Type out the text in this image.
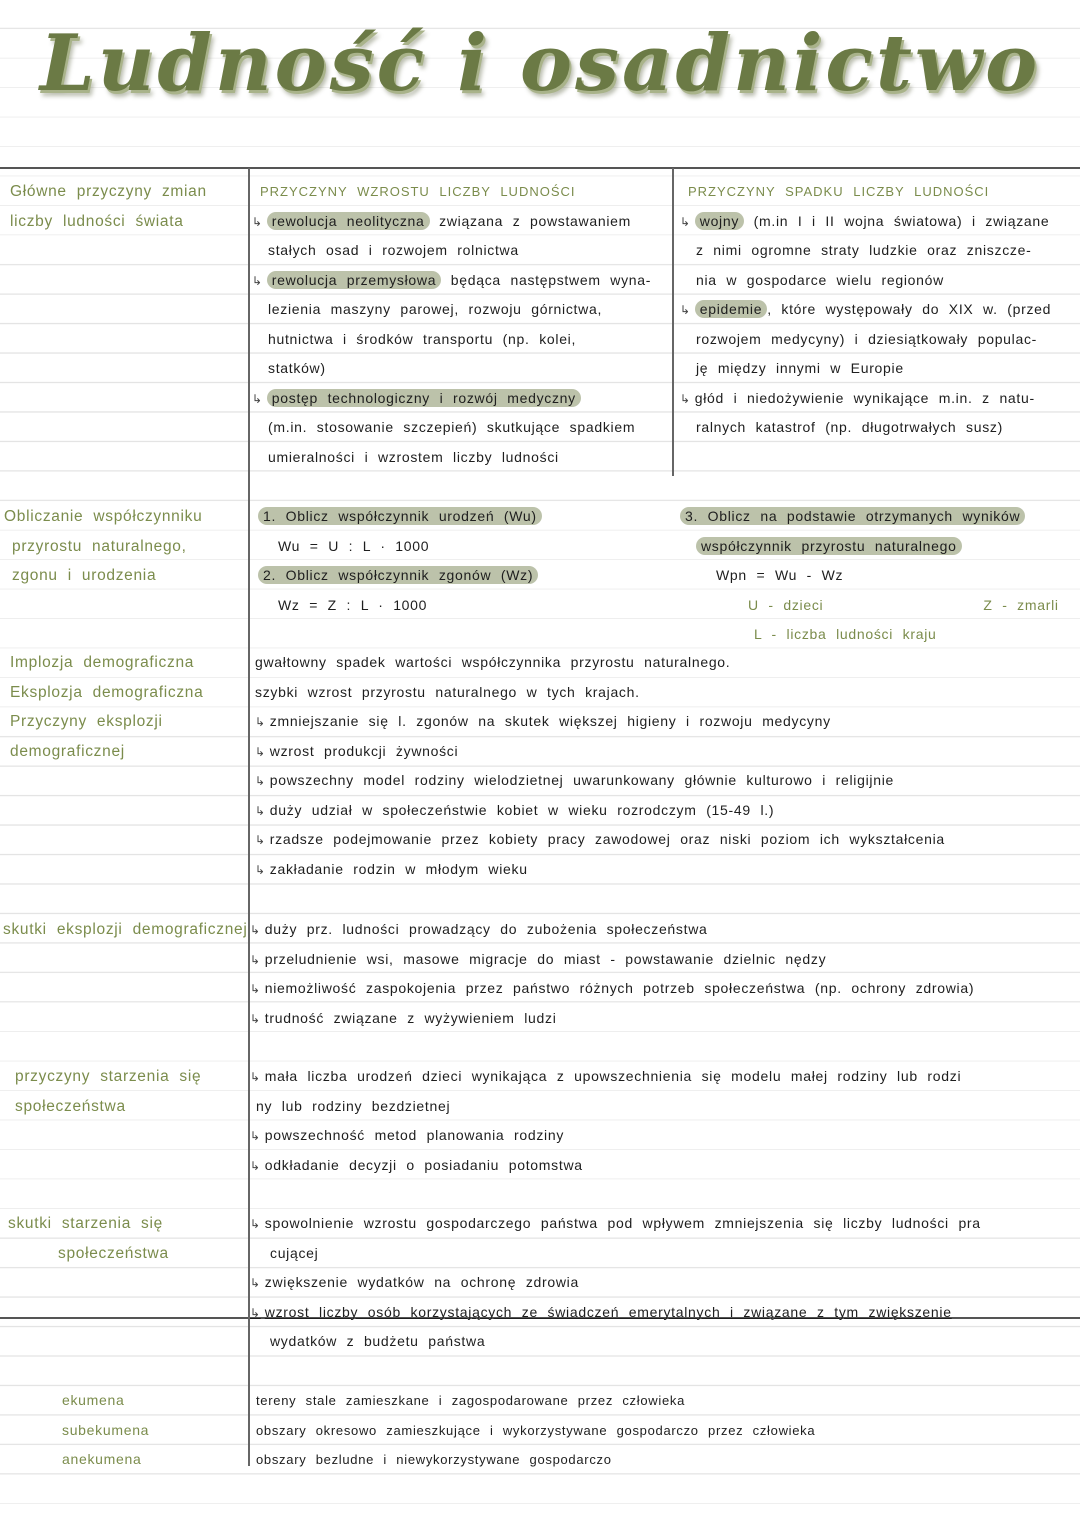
Ludność i osadnictwo
Główne przyczyny zmian
liczby ludności świata
PRZYCZYNY WZROSTU LICZBY LUDNOŚCI
↳ rewolucja neolityczna związana z powstawaniem
stałych osad i rozwojem rolnictwa
↳ rewolucja przemysłowa będąca następstwem wyna-
lezienia maszyny parowej, rozwoju górnictwa,
hutnictwa i środków transportu (np. kolei,
statków)
↳ postęp technologiczny i rozwój medyczny
(m.in. stosowanie szczepień) skutkujące spadkiem
umieralności i wzrostem liczby ludności
PRZYCZYNY SPADKU LICZBY LUDNOŚCI
↳ wojny (m.in I i II wojna światowa) i związane
z nimi ogromne straty ludzkie oraz zniszcze-
nia w gospodarce wielu regionów
↳ epidemie , które występowały do XIX w. (przed
rozwojem medycyny) i dziesiątkowały populac-
ję między innymi w Europie
↳ głód i niedożywienie wynikające m.in. z natu-
ralnych katastrof (np. długotrwałych susz)
Obliczanie współczynniku
przyrostu naturalnego,
zgonu i urodzenia
1. Oblicz współczynnik urodzeń (Wu)
Wu = U : L · 1000
2. Oblicz współczynnik zgonów (Wz)
Wz = Z : L · 1000
3. Oblicz na podstawie otrzymanych wyników
współczynnik przyrostu naturalnego
Wpn = Wu - Wz
U - dzieci	Z - zmarli
L - liczba ludności kraju
Implozja demograficzna
Eksplozja demograficzna
Przyczyny eksplozji
demograficznej
gwałtowny spadek wartości współczynnika przyrostu naturalnego.
szybki wzrost przyrostu naturalnego w tych krajach.
↳ zmniejszanie się l. zgonów na skutek większej higieny i rozwoju medycyny
↳ wzrost produkcji żywności
↳ powszechny model rodziny wielodzietnej uwarunkowany głównie kulturowo i religijnie
↳ duży udział w społeczeństwie kobiet w wieku rozrodczym (15-49 l.)
↳ rzadsze podejmowanie przez kobiety pracy zawodowej oraz niski poziom ich wykształcenia
↳ zakładanie rodzin w młodym wieku
skutki eksplozji demograficznej ↳ duży prz. ludności prowadzący do zubożenia społeczeństwa
↳ przeludnienie wsi, masowe migracje do miast - powstawanie dzielnic nędzy
↳ niemożliwość zaspokojenia przez państwo różnych potrzeb społeczeństwa (np. ochrony zdrowia)
↳ trudność związane z wyżywieniem ludzi
przyczyny starzenia się
społeczeństwa
↳ mała liczba urodzeń dzieci wynikająca z upowszechnienia się modelu małej rodziny lub rodzi
ny lub rodziny bezdzietnej
↳ powszechność metod planowania rodziny
↳ odkładanie decyzji o posiadaniu potomstwa
skutki starzenia się
społeczeństwa
↳ spowolnienie wzrostu gospodarczego państwa pod wpływem zmniejszenia się liczby ludności pra
cującej
↳ zwiększenie wydatków na ochronę zdrowia
↳ wzrost liczby osób korzystających ze świadczeń emerytalnych i związane z tym zwiększenie
wydatków z budżetu państwa
ekumena
subekumena
anekumena
tereny stale zamieszkane i zagospodarowane przez człowieka
obszary okresowo zamieszkujące i wykorzystywane gospodarczo przez człowieka
obszary bezludne i niewykorzystywane gospodarczo
